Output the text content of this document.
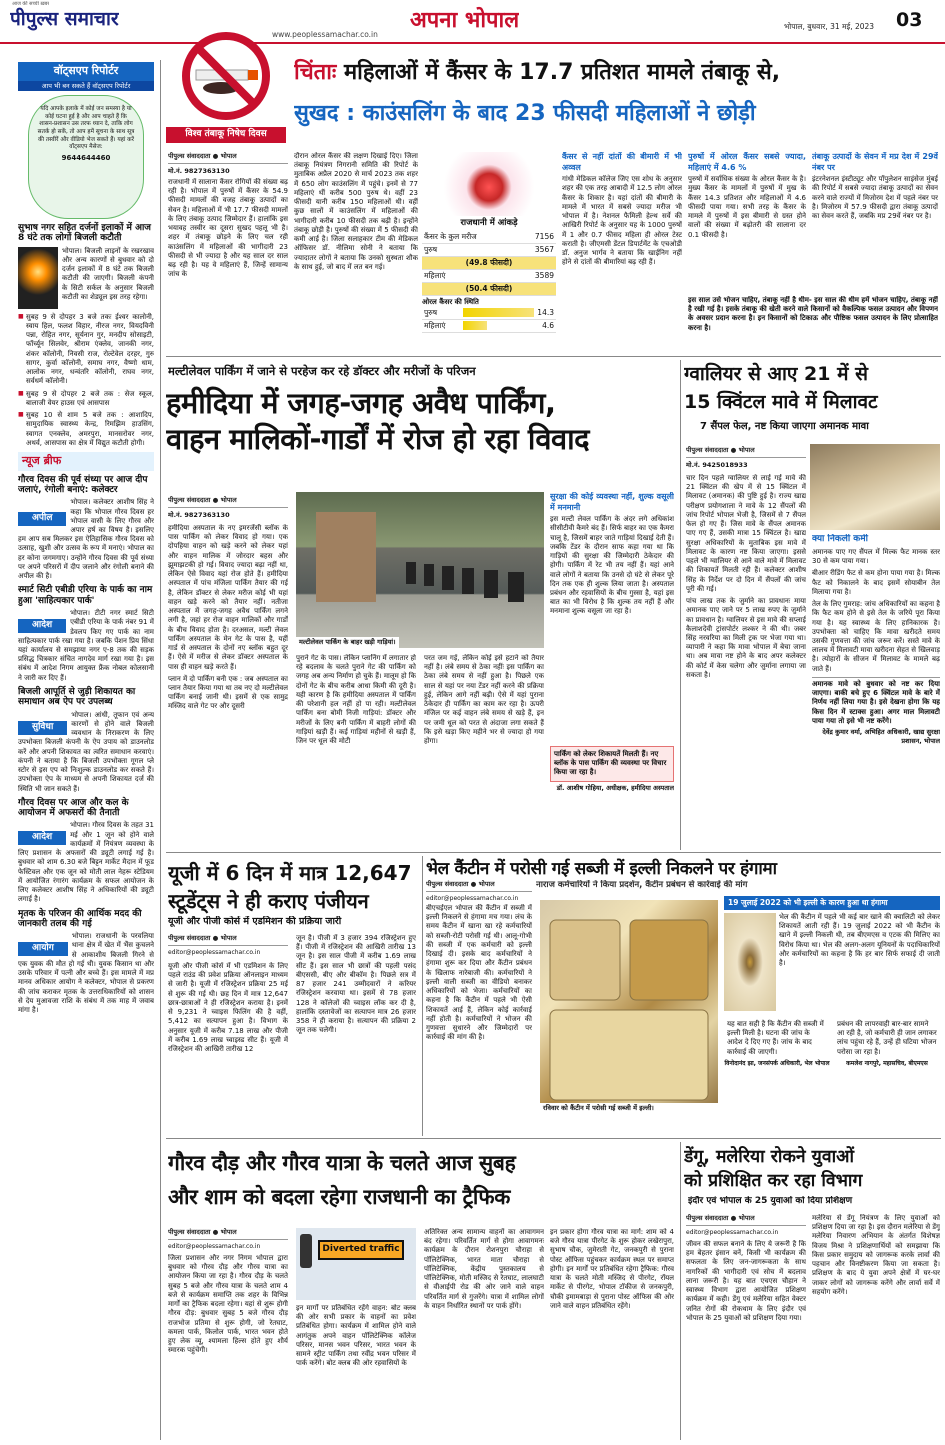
पीपुल्स समाचार
आज की सच्ची ख़बर
www.peoplessamachar.co.in
अपना भोपाल	भोपाल, बुधवार, 31 मई, 2023 03
वॉट्सएप रिपोर्टर
आप भी बन सकते हैं वॉट्सएप रिपोर्टर
यदि आपके इलाके में कोई जन समस्या है या कोई घटना हुई है और आप चाहते हैं कि शासन-प्रशासन उस तरफ ध्यान दे, ताकि लोग सतर्क हो सकें, तो आप हमें सूचना के साथ सूत्र की तस्वीरें और वीडियो भेज सकते हैं। यहां करें वॉट्सएप मैसेज:
9644644460
सुभाष नगर सहित दर्जनों इलाकों में आज 8 घंटे तक लोगों बिजली कटौती
भोपाल। बिजली लाइनों के रखरखाव और अन्य कारणों से बुधवार को दो दर्जन इलाकों में 8 घंटे तक बिजली कटौती की जाएगी। बिजली कंपनी के सिटी सर्कल के अनुसार बिजली कटौती का शेड्यूल इस तरह रहेगा।
■ सुबह 9 से दोपहर 3 बजे तकः ईश्वर कालोनी, स्वाय हिल, फलश विहार, नीरज नगर, वियदविनी पन्ना, रोहित नगर, सूर्यनान गुर, मनदीप सोसाइटी, फॉर्च्यून सिलवेर, श्रीराम एंक्लेव, जानकी नगर, शंकर कॉलोनी, निवसी राज, रोल्टेवेल दरहर, गुरु सागर, कुर्वा कॉलोनी, समाघ नगर, वैष्णो धाम, आलोक नगर, धन्वंतरि कॉलोनी, राघव नगर, सर्वधर्म कॉलोनी।
■ सुबह 9 से दोपहर 2 बजे तक : सेज स्कूल, बालाजी वेयर हाउस एवं आसपास
■ सुबह 10 से शाम 5 बजे तक : आशादिप, सामुदायिक स्वास्थ्य केन्द्र, रिमझिम हाउसिंग, स्वागत एनक्लेव, अमरपुरा, मानसरोवर नगर, अथर्व, आसपास का क्षेत्र में विद्युत कटौती होगी।
न्यूज ब्रीफ
गौरव दिवस की पूर्व संध्या पर आज दीप जलाएं, रंगोली बनाएं: कलेक्टर
अपील
भोपाल। कलेक्टर आशीष सिंह ने कहा कि भोपाल गौरव दिवस हर भोपाल वासी के लिए गौरव और अपार हर्ष का विषय है। इसलिए हम आप सब मिलकर इस ऐतिहासिक गौरव दिवस को उत्साह, खुशी और उत्सव के रूप में मनाएं। भोपाल का हर कोना जगमगाए। उन्होंने गौरव दिवस की पूर्व संध्या पर अपने परिसरों में दीप जलाने और रंगोली बनाने की अपील की है।
स्मार्ट सिटी एबीडी एरिया के पार्क का नाम हुआ 'साहित्यकार पार्क'
आदेश
भोपाल। टीटी नगर स्मार्ट सिटी एबीडी एरिया के पार्क नंबर 91 में डेवलप किए गए पार्क का नाम साहित्यकार पार्क रखा गया है। जबकि पेंशन प्रिय सिंधा यहां कार्यालय से समझाया नगर ए-8 तक की सड़क प्रसिद्ध चित्रकार संचित नागदेव मार्ग रखा गया है। इस संबंध में आदेश निगम आयुक्त फ्रैंक नोबल कोलसानी ने जारी कर दिए हैं।
बिजली आपूर्ति से जुड़ी शिकायत का समाधान अब ऐप पर उपलब्ध
सुविधा
भोपाल। आंधी, तूफान एवं अन्य कारणों से होने वाले बिजली व्यवधान के निराकरण के लिए उपभोक्ता बिजली कंपनी के ऐप उपाय को डाउनलोड करें और अपनी शिकायत का त्वरित समाधान करवाएं। कंपनी ने बताया है कि बिजली उपभोक्ता गूगल प्ले स्टोर से इस एप को निःशुल्क डाउनलोड कर सकते हैं। उपभोक्ता ऐप के माध्यम से अपनी शिकायत दर्ज की स्थिति भी जान सकते हैं।
गौरव दिवस पर आज और कल के आयोजन में अफसरों की तैनाती
आदेश
भोपाल। गौरव दिवस के तहत 31 मई और 1 जून को होने वाले कार्यक्रमों में नियंत्रण व्यवस्था के लिए प्रशासन के अफसरों की ड्यूटी लगाई गई है। बुधवार को शाम 6.30 बजे बिट्टन मार्केट मैदान में फूड फेस्टिवल और एक जून को मोती लाल नेहरू स्टेडियम में आयोजित रंगारंग कार्यक्रम के सफल आयोजन के लिए कलेक्टर आशीष सिंह ने अधिकारियों की ड्यूटी लगाई है।
मृतक के परिजन की आर्थिक मदद की जानकारी तलब की गई
आयोग
भोपाल। राजधानी के परवलिया थाना क्षेत्र में खेत में भैंस कुचलने से आकाशीय बिजली गिरने से एक युवक की मौत हो गई थी। युवक किसान था और उसके परिवार में पत्नी और बच्चे हैं। इस मामले में मप्र मानव अधिकार आयोग ने कलेक्टर, भोपाल से प्रकरण की जांच कराकर मृतक के उत्तराधिकारियों को शासन से देय मुआवजा राशि के संबंध में तक माह में जवाब मांगा है।
विश्व तंबाकू निषेध दिवस
चिंताः महिलाओं में कैंसर के 17.7 प्रतिशत मामले तंबाकू से,
सुखद : काउंसलिंग के बाद 23 फीसदी महिलाओं ने छोड़ी
पीपुल्स संवाददाता ● भोपाल
मो.नं. 9827363130
राजधानी में सालाना कैंसर रोगियों की संख्या बढ़ रही है। भोपाल में पुरुषों में कैंसर के 54.9 फीसदी मामलों की वजह तंबाकू उत्पादों का सेवन है। महिलाओं में भी 17.7 फीसदी मामलों के लिए तंबाकू उत्पाद जिम्मेदार हैं। हालांकि इस भयावह तस्वीर का दूसरा सुखद पहलू भी है। शहर में तंबाकू छोड़ने के लिए चल रही काउंसलिंग में महिलाओं की भागीदारी 23 फीसदी से भी ज्यादा है और यह साल दर साल बढ़ रही है। यह वे महिलाएं हैं, जिन्हें सामान्य जांच के
दौरान ओरल कैंसर की लक्षण दिखाई दिए। जिला तंबाकू नियंत्रण निगरानी समिति की रिपोर्ट के मुताबिक अप्रैल 2020 से मार्च 2023 तक शहर में 650 लोग काउंसलिंग में पहुंचे। इनमें से 77 महिलाएं थीं करीब 500 पुरुष थे। वहीं 23 फीसदी यानी करीब 150 महिलाओं थी। वहीं कुछ सालों में काउंसलिंग में महिलाओं की भागीदारी करीब 10 फीसदी तक बढ़ी है। इन्होंने तंबाकू छोड़ी है। पुरुषों की संख्या में 5 फीसदी की कमी आई है। जिला सलाहकार टीम की मेडिकल ऑफिसर डॉ. नीलिमा सोनी ने बताया कि ज्यादातर लोगों ने बताया कि उनको सुस्थता शौक के साथ हुई, जो बाद में लत बन गई।
राजधानी में आंकड़े
कैंसर के कुल मरीज	7156
पुरुष	3567
(49.8 फीसदी)
महिलाएं	3589
(50.4 फीसदी)
ओरल कैंसर की स्थिति
पुरुष	14.3
महिलाएं	4.6
कैंसर से नहीं दांतों की बीमारी में भी अव्वल
गांधी मेडिकल कॉलेज जिए एस शोध के अनुसार शहर की एक तरह आबादी में 12.5 लोग ओरल कैंसर के शिकार है। यहां दांतों की बीमारी के मामले में भारत में सबसे ज्यादा मरीज भी भोपाल में है। नेशनल फैमिली हेल्थ सर्वे की आखिरी रिपोर्ट के अनुसार यह के 1000 पुरुषों में 1 और 0.7 फीसद महिला ही ओरल टेस्ट कराती है। जीएमसी डेंटल डिपार्टमेंट के एचओडी डॉ. अनुज भार्गव ने बताया कि खाईनिग नहीं होने से दांतों की बीमारियां बढ़ रही हैं।
पुरुषों में ओरल कैंसर सबसे ज्यादा, महिलाएं में 4.6 %
पुरुषों में सर्वाधिक संख्या के ओरल कैंसर के है। मुख्य कैंसर के मामलों में पुरुषों में मुख के कैंसर 14.3 प्रतिशत और महिलाओं में 4.6 फीसदी पाया गया। सभी तरह के कैंसर के मामले में पुरुषों में इस बीमारी से ग्रस्त होने वालों की संख्या में बढ़ोतरी की सालाना दर 0.1 फीसदी है।
तंबाकू उत्पादों के सेवन में मप्र देश में 29वें नंबर पर
इंटरनेशनल इंस्टीट्यूट और पॉपुलेशन साइंसेज मुंबई की रिपोर्ट में सबसे ज्यादा तंबाकू उत्पादों का सेवन करने वाले राज्यों में मिजोरम देश में पहले नंबर पर है। मिजोरम में 57.9 फीसदी द्वारा तंबाकू उत्पादों का सेवन करते हैं, जबकि मप्र 29वें नंबर पर है।
इस साल उसे भोजन चाहिए, तंबाकू नहीं है थीम- इस साल की थीम हमें भोजन चाहिए, तंबाकू नहीं है रखी गई है। इसके तंबाकू की खेती करने वाले किसानों को वैकल्पिक फसल उत्पादन और विपणन के अवसर प्रदान करना है। इन किसानों को टिकाऊ और पौष्टिक फसल उत्पादन के लिए प्रोत्साहित करना है।
मल्टीलेवल पार्किंग में जाने से परहेज कर रहे डॉक्टर और मरीजों के परिजन
हमीदिया में जगह-जगह अवैध पार्किंग,
वाहन मालिकों-गार्डों में रोज हो रहा विवाद
पीपुल्स संवाददाता ● भोपाल
मो.नं. 9827363130

हमीदिया अस्पताल के नए इमरजेंसी ब्लॉक के पास पार्किंग को लेकर विवाद हो गया। एक दोपहिया वाहन को खड़े करने को लेकर यहां और वाहन मालिक में जोरदार बहस और झूमाझटकी हो गई। विवाद ज्यादा बढ़ा नहीं था, लेकिन ऐसे विवाद यहां रोज होते हैं। हमीदिया अस्पताल में पांच मंजिला पार्किंग तैयार की गई है, लेकिन डॉक्टर से लेकर मरीज कोई भी यहां वाहन खड़े करने को तैयार नहीं। नतीजा अस्पताल में जगह-जगह अवैध पार्किंग लगने लगी है, जहां हर रोज वाहन मालिकों और गार्डों के बीच विवाद होता है। दरअसल, मल्टी लेवल पार्किंग अस्पताल के मेन गेट के पास है, यहीं गार्ड से अस्पताल के दोनों नए ब्लॉक बहुत दूर हैं। ऐसे में मरीज से लेकर डॉक्टर अस्पताल के पास ही वाहन खड़े करते हैं।

प्लान में दो पार्किंग बनी एक : जब अस्पताल का प्लान तैयार किया गया था तब नए दो मल्टीलेवल पार्किंग बनाई जानी थी। इसमें से एक सामुद्र मस्जिद वाले गेट पर और दूसरी

मल्टीलेवल पार्किंग के बाहर खड़ी गाड़ियां।
पुराने गेट के पास। लेकिन प्लानिंग में लगातार हो रहे बदलाव के चलते पुराने गेट की पार्किंग को जगह अब अन्य निर्माण हो चुके हैं। मालूम हो कि दोनों गेट के बीच करीब आधा किमी की दूरी है। यही कारण है कि हमीदिया अस्पताल में पार्किंग की परेशानी हल नहीं हो पा रही। मल्टीलेवल पार्किंग बना बोमी निजी गाड़ियां: डॉक्टर और मरीजों के लिए बनी पार्किंग में बाहरी लोगों की गाड़ियां खड़ी हैं। कई गाड़ियां महीनों से खड़ी हैं, जिन पर धूल की मोटी
परत जम गई, लेकिन कोई इसे हटाने को तैयार नहीं है। लंबे समय से ठेका नहींः इस पार्किंग का ठेका लंबे समय से नहीं हुआ है। पिछले एक साल से यहां पर नया टेंडर नहीं करने की प्रक्रिया हुई, लेकिन आगे नहीं बढ़ी। ऐसे में यहां पुराना ठेकेदार ही पार्किंग का काम कर रहा है। ऊपरी मंजिल पर कई वाहन लंबे समय से खड़े हैं, इन पर जमी धूल को परत से अंदाजा लगा सकते हैं कि इसे खड़ा किए महीने भर से ज्यादा हो गया होगा।
सुरक्षा की कोई व्यवस्था नहीं, शुल्क वसूली में मनमानी
इस मल्टी लेवल पार्किंग के अंदर लगे अधिकांश सीसीटीवी कैमरे बंद हैं। सिर्फ बाहर का एक कैमरा चालू है, जिसमें बाहर जाते गाड़ियां दिखाई देती हैं। जबकि टेंडर के दौरान साफ कहा गया था कि गाड़ियों की सुरक्षा की जिम्मेदारी ठेकेदार की होगी। पार्किंग में रेट भी तय नहीं हैं। यहां आने वाले लोगों ने बताया कि उनसे दो घंटे से लेकर पूरे दिन तक एक ही शुल्क लिया जाता है। अस्पताल प्रबंधन और रहवासियों के बीच गुस्सा है, यहां इस बात का भी विरोध है कि शुल्क तय नहीं हैं और मनमाना शुल्क वसूला जा रहा है।
पार्किंग को लेकर शिकायतें मिलती हैं। नए ब्लॉक के पास पार्किंग की व्यवस्था पर विचार किया जा रहा है।
डॉ. आशीष गोहिया, अधीक्षक, हमीदिया अस्पताल
ग्वालियर से आए 21 में से
15 क्विंटल मावे में मिलावट
7 सैंपल फेल, नष्ट किया जाएगा अमानक मावा
पीपुल्स संवाददाता ● भोपाल
मो.नं. 9425018933

चार दिन पहले ग्वालियर से लाई गई मावे की 21 क्विंटल की खेप में से 15 क्विंटल में मिलावट (अमानक) की पुष्टि हुई है। राज्य खाद्य परीक्षण प्रयोगशाला ने मावे के 12 सैंपलों की जांच रिपोर्ट भोपाल भेजी है, जिसमें से 7 सैंपल फेल हो गए हैं। जिस मावे के सैंपल अमानक पाए गए हैं, उसकी मात्रा 15 क्विंटल है। खाद्य सुरक्षा अधिकारियों के मुताबिक इस मावे में मिलावट के कारण नष्ट किया जाएगा। इससे पहले भी ग्वालियर से आने वाले मावे में मिलावट की शिकायतें मिलती रही हैं। कलेक्टर आशीष सिंह के निर्देश पर दो दिन में सैंपलों की जांच पूरी की गई।

पांच लाख तक के जुर्माने का प्रावधानः माया अमानक पाए जाने पर 5 लाख रुपए के जुर्माने का प्रावधान है। ग्वालियर से इस मावे की सप्लाई कैलाशदेवी ट्रांसपोर्टर लश्कर ने की थी। जबर सिंह नरवरिया का मिली ट्रक पर भेजा गया था। व्यापारी ने कहा कि मावा भोपाल में बेचा जाना था। अब मावा नष्ट होने के बाद अपर कलेक्टर की कोर्ट में केस चलेगा और जुर्माना लगाया जा सकता है।

क्या निकली कमी

अमानक पाए गए सैंपल में मिल्क फैट मानक स्तर 30 से कम पाया गया।

बीआर रीडिंग फैट से कम होना पाया गया है। मिल्क फैट को निकालने के बाद इसमें सोयाबीन तेल मिलाया गया है।

तेल के लिए गुमराह: जांच अधिकारियों का कहना है कि फैट कम होने से इसे तेल के जरिये पूरा किया गया है। यह स्वास्थ्य के लिए हानिकारक है। उपभोक्ता को चाहिए कि मावा खरीदते समय उसकी गुणवत्ता की जांच जरूर करें। सस्ते मावे के लालच में मिलावटी मावा खरीदना सेहत से खिलवाड़ है। त्योहारों के सीजन में मिलावट के मामले बढ़ जाते हैं।

अमानक मावे को बुधवार को नष्ट कर दिया जाएगा। बाकी बचे हुए 6 क्विंटल मावे के बारे में निर्णय नहीं लिया गया है। इसे देखना होगा कि यह किस दिन में स्टाक्स हुआ। अगर माल मिलावटी पाया गया तो इसे भी नष्ट करेंगे।
देवेंद्र कुमार वर्मा, अभिहित अधिकारी, खाद्य सुरक्षा प्रशासन, भोपाल
यूजी में 6 दिन में मात्र 12,647
स्टूडेंट्स ने ही कराए पंजीयन
यूजी और पीजी कोर्स में एडमिशन की प्रक्रिया जारी
पीपुल्स संवाददाता ● भोपाल
editor@peoplessamachar.co.in
यूजी और पीजी कोर्स में भी एडमिशन के लिए पहले राउंड की प्रवेश प्रक्रिया ऑनलाइन माध्यम से जारी है। यूजी में रजिस्ट्रेशन प्रक्रिया 25 मई से शुरू की गई थी। छह दिन में मात्र 12,647 छात्र-छात्राओं ने ही रजिस्ट्रेशन कराया है। इनमें से 9,231 ने च्वाइस फिलिंग की है वहीं, 5,412 का सत्यापन हुआ है। विभाग के अनुसार यूजी में करीब 7.18 लाख और पीजी में करीब 1.69 लाख च्वाइस्ड सीट हैं। यूजी में रजिस्ट्रेशन की आखिरी तारीख 12
जून है। पीजी में 3 हजार 394 रजिस्ट्रेशन हुए हैं। पीजी में रजिस्ट्रेशन की आखिरी तारीख 13 जून है। इस साल पीजी में करीब 1.69 लाख सीट हैं। इस साल भी छात्रों की पहली पसंद बीएससी, बीए और बीकॉम है। पिछले सत्र में 87 हजार 241 उम्मीदवारों ने करियर रजिस्ट्रेशन करवाया था। इसमें से 78 हजार 128 ने कॉलेजों की च्वाइस लॉक कर दी है, हालांकि दस्तावेजों का सत्यापन मात्र 26 हजार 358 ने ही कराया है। सत्यापन की प्रक्रिया 2 जून तक चलेगी।
भेल कैंटीन में परोसी गई सब्जी में इल्ली निकलने पर हंगामा
नाराज कर्मचारियों ने किया प्रदर्शन, कैंटीन प्रबंधन से कार्रवाई की मांग
पीपुल्स संवाददाता ● भोपाल
editor@peoplessamachar.co.in
बीएचईएल भोपाल की कैंटीन में सब्जी में इल्ली निकलने से हंगामा मच गया। लंच के समय कैंटीन में खाना खा रहे कर्मचारियों को सब्जी-रोटी परोसी गई थी। आलू-गोभी की सब्जी में एक कर्मचारी को इल्ली दिखाई दी। इसके बाद कर्मचारियों ने हंगामा शुरू कर दिया और कैंटीन प्रबंधन के खिलाफ नारेबाजी की। कर्मचारियों ने इल्ली वाली सब्जी का वीडियो बनाकर अधिकारियों को भेजा। कर्मचारियों का कहना है कि कैंटीन में पहले भी ऐसी शिकायतें आई हैं, लेकिन कोई कार्रवाई नहीं होती है। कर्मचारियों ने भोजन की गुणवत्ता सुधारने और जिम्मेदारों पर कार्रवाई की मांग की है।
रविवार को कैंटीन में परोसी गई सब्जी में इल्ली।
19 जुलाई 2022 को भी इल्ली के कारण हुआ था हंगामा
भेल की कैंटीन में पहले भी कई बार खाने की क्वालिटी को लेकर शिकायतें आती रही हैं। 19 जुलाई 2022 को भी कैंटीन के खाने में इल्ली निकली थी, तब बीएमएस व एटक की मिलिए का विरोध किया था। भेल की अलग-अलग यूनियनों के पदाधिकारियों और कर्मचारियों का कहना है कि हर बार सिर्फ सफाई दी जाती है।
यह बात सही है कि कैंटीन की सब्जी में इल्ली मिली है। घटना की जांच के आदेश दे दिए गए हैं। जांच के बाद कार्रवाई की जाएगी।
विनोदानंद झा, जनसंपर्क अधिकारी, भेल भोपाल
प्रबंधन की लापरवाही बार-बार सामने आ रही है, जो कर्मचारी ही जान लगाकर लांच पहुंचा रहे हैं, उन्हें ही घटिया भोजन परोसा जा रहा है।
कमलेश नागपुरे, महासचिव, बीएमएस
गौरव दौड़ और गौरव यात्रा के चलते आज सुबह
और शाम को बदला रहेगा राजधानी का ट्रैफिक
पीपुल्स संवाददाता ● भोपाल
editor@peoplessamachar.co.in	Diverted traffic
जिला प्रशासन और नगर निगम भोपाल द्वारा बुधवार को गौरव दौड़ और गौरव यात्रा का आयोजन किया जा रहा है। गौरव दौड़ के चलते सुबह 5 बजे और गौरव यात्रा के चलते शाम 4 बजे से कार्यक्रम समाप्ति तक शहर के विभिन्न मार्गों का ट्रैफिक बदला रहेगा। यहां से शुरू होगी गौरव दौड़: बुधवार सुबह 5 बजे गौरव दौड़ राजभोज प्रतिमा से शुरू होगी, जो रेतघाट, कमला पार्क, किलोल पार्क, भारत भवन होते हुए लेक व्यू, श्यामला हिल्स होते हुए शौर्य स्मारक पहुंचेगी।
इन मार्गों पर प्रतिबंधित रहेंगे वाहन: बोट क्लब की ओर सभी प्रकार के वाहनों का प्रवेश प्रतिबंधित होगा। कार्यक्रम में शामिल होने वाले आगंतुक अपने वाहन पॉलिटेक्निक कॉलेज परिसर, मानस भवन परिसर, भारत भवन के सामने स्ट्रीट पार्किंग तथा रवींद्र भवन परिसर में पार्क करेंगे। बोट क्लब की ओर रहवासियों के
अतिरिक्त अन्य सामान्य वाहनों का आवागमन बंद रहेगा। परिवर्तित मार्ग से होगा आवागमनः कार्यक्रम के दौरान रोशनपुरा चौराहा से पॉलिटेक्निक, भारत माता चौराहा से पॉलिटेक्निक, केंद्रीय पुस्तकालय से पॉलिटेक्निक, मोती मस्जिद से रेतघाट, लालघाटी से वीआईपी रोड की ओर जाने वाले वाहन परिवर्तित मार्ग से गुजरेंगे। यात्रा में शामिल लोगों के वाहन निर्धारित स्थानों पर पार्क होंगे।
इन प्रकार होगा गौरव यात्रा का मार्ग: शाम को 4 बजे गौरव यात्रा पीरगेट के शुरू होकर लखेरापुरा, सुभाष चौक, जुमेराती गेट, जनकपुरी से पुराना पोस्ट ऑफिस पहुंचकर कार्यक्रम स्थल पर समाप्त होगी। इन मार्गों पर प्रतिबंधित रहेगा ट्रैफिक: गौरव यात्रा के चलते मोती मस्जिद से पीरगेट, रॉयल मार्केट से पीरगेट, भोपाल टॉकीज से जनकपुरी, चौकी इमामबाड़ा से पुराना पोस्ट ऑफिस की ओर जाने वाले वाहन प्रतिबंधित रहेंगे।
डेंगू, मलेरिया रोकने युवाओं
को प्रशिक्षित कर रहा विभाग
इंदौर एवं भोपाल के 25 युवाओं को दिया प्रशिक्षण
पीपुल्स संवाददाता ● भोपाल
editor@peoplessamachar.co.in
जीवन की सफल बनाने के लिए ये जरूरी है कि हम बेहतर इंसान बनें, किसी भी कार्यक्रम की सफलता के लिए जन-जागरूकता के साथ नागरिकों की भागीदारी एवं सोच में बदलाव लाना जरूरी है। यह बात एचएस चौहान ने स्वास्थ्य विभाग द्वारा आयोजित प्रशिक्षण कार्यक्रम में कही। डेंगू एवं मलेरिया सहित वेक्टर जनित रोगों की रोकथाम के लिए इंदौर एवं भोपाल के 25 युवाओं को प्रशिक्षण दिया गया।
मलेरिया से डेंगू नियंत्रण के लिए युवाओं को प्रशिक्षण दिया जा रहा है। इस दौरान मलेरिया से डेंगू मलेरिया निवारण अभियान के अंतर्गत विशेषज्ञ विजय मिश्रा ने प्रशिक्षणार्थियों को समझाया कि किस प्रकार समुदाय को जागरूक करके लार्वा की पहचान और विनष्टीकरण किया जा सकता है। प्रशिक्षण के बाद ये युवा अपने क्षेत्रों में घर-घर जाकर लोगों को जागरूक करेंगे और लार्वा सर्वे में सहयोग करेंगे।
